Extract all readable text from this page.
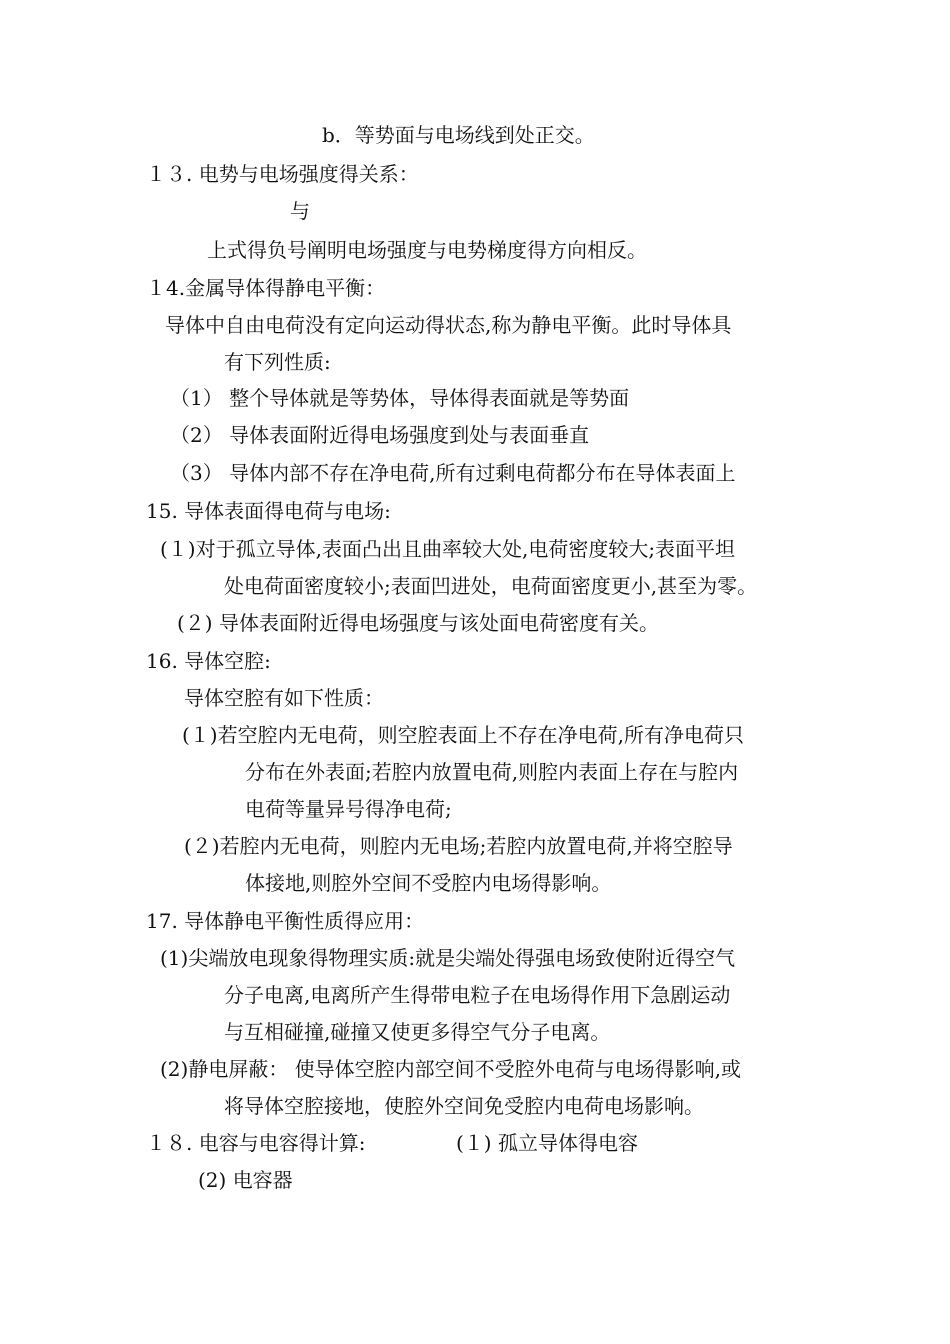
b．等势面与电场线到处正交。
１３. 电势与电场强度得关系：
与
上式得负号阐明电场强度与电势梯度得方向相反。
１4.金属导体得静电平衡：
导体中自由电荷没有定向运动得状态,称为静电平衡。此时导体具
有下列性质:
（1） 整个导体就是等势体，导体得表面就是等势面
（2） 导体表面附近得电场强度到处与表面垂直
（3） 导体内部不存在净电荷,所有过剩电荷都分布在导体表面上
15. 导体表面得电荷与电场:
(１)对于孤立导体,表面凸出且曲率较大处,电荷密度较大;表面平坦
处电荷面密度较小;表面凹进处，电荷面密度更小,甚至为零。
(２) 导体表面附近得电场强度与该处面电荷密度有关。
16. 导体空腔:
导体空腔有如下性质：
(１)若空腔内无电荷，则空腔表面上不存在净电荷,所有净电荷只
分布在外表面;若腔内放置电荷,则腔内表面上存在与腔内
电荷等量异号得净电荷;
(２)若腔内无电荷，则腔内无电场;若腔内放置电荷,并将空腔导
体接地,则腔外空间不受腔内电场得影响。
17. 导体静电平衡性质得应用：
(1)尖端放电现象得物理实质:就是尖端处得强电场致使附近得空气
分子电离,电离所产生得带电粒子在电场得作用下急剧运动
与互相碰撞,碰撞又使更多得空气分子电离。
(2)静电屏蔽： 使导体空腔内部空间不受腔外电荷与电场得影响,或
将导体空腔接地，使腔外空间免受腔内电荷电场影响。
１８. 电容与电容得计算:	(１) 孤立导体得电容
(2) 电容器
